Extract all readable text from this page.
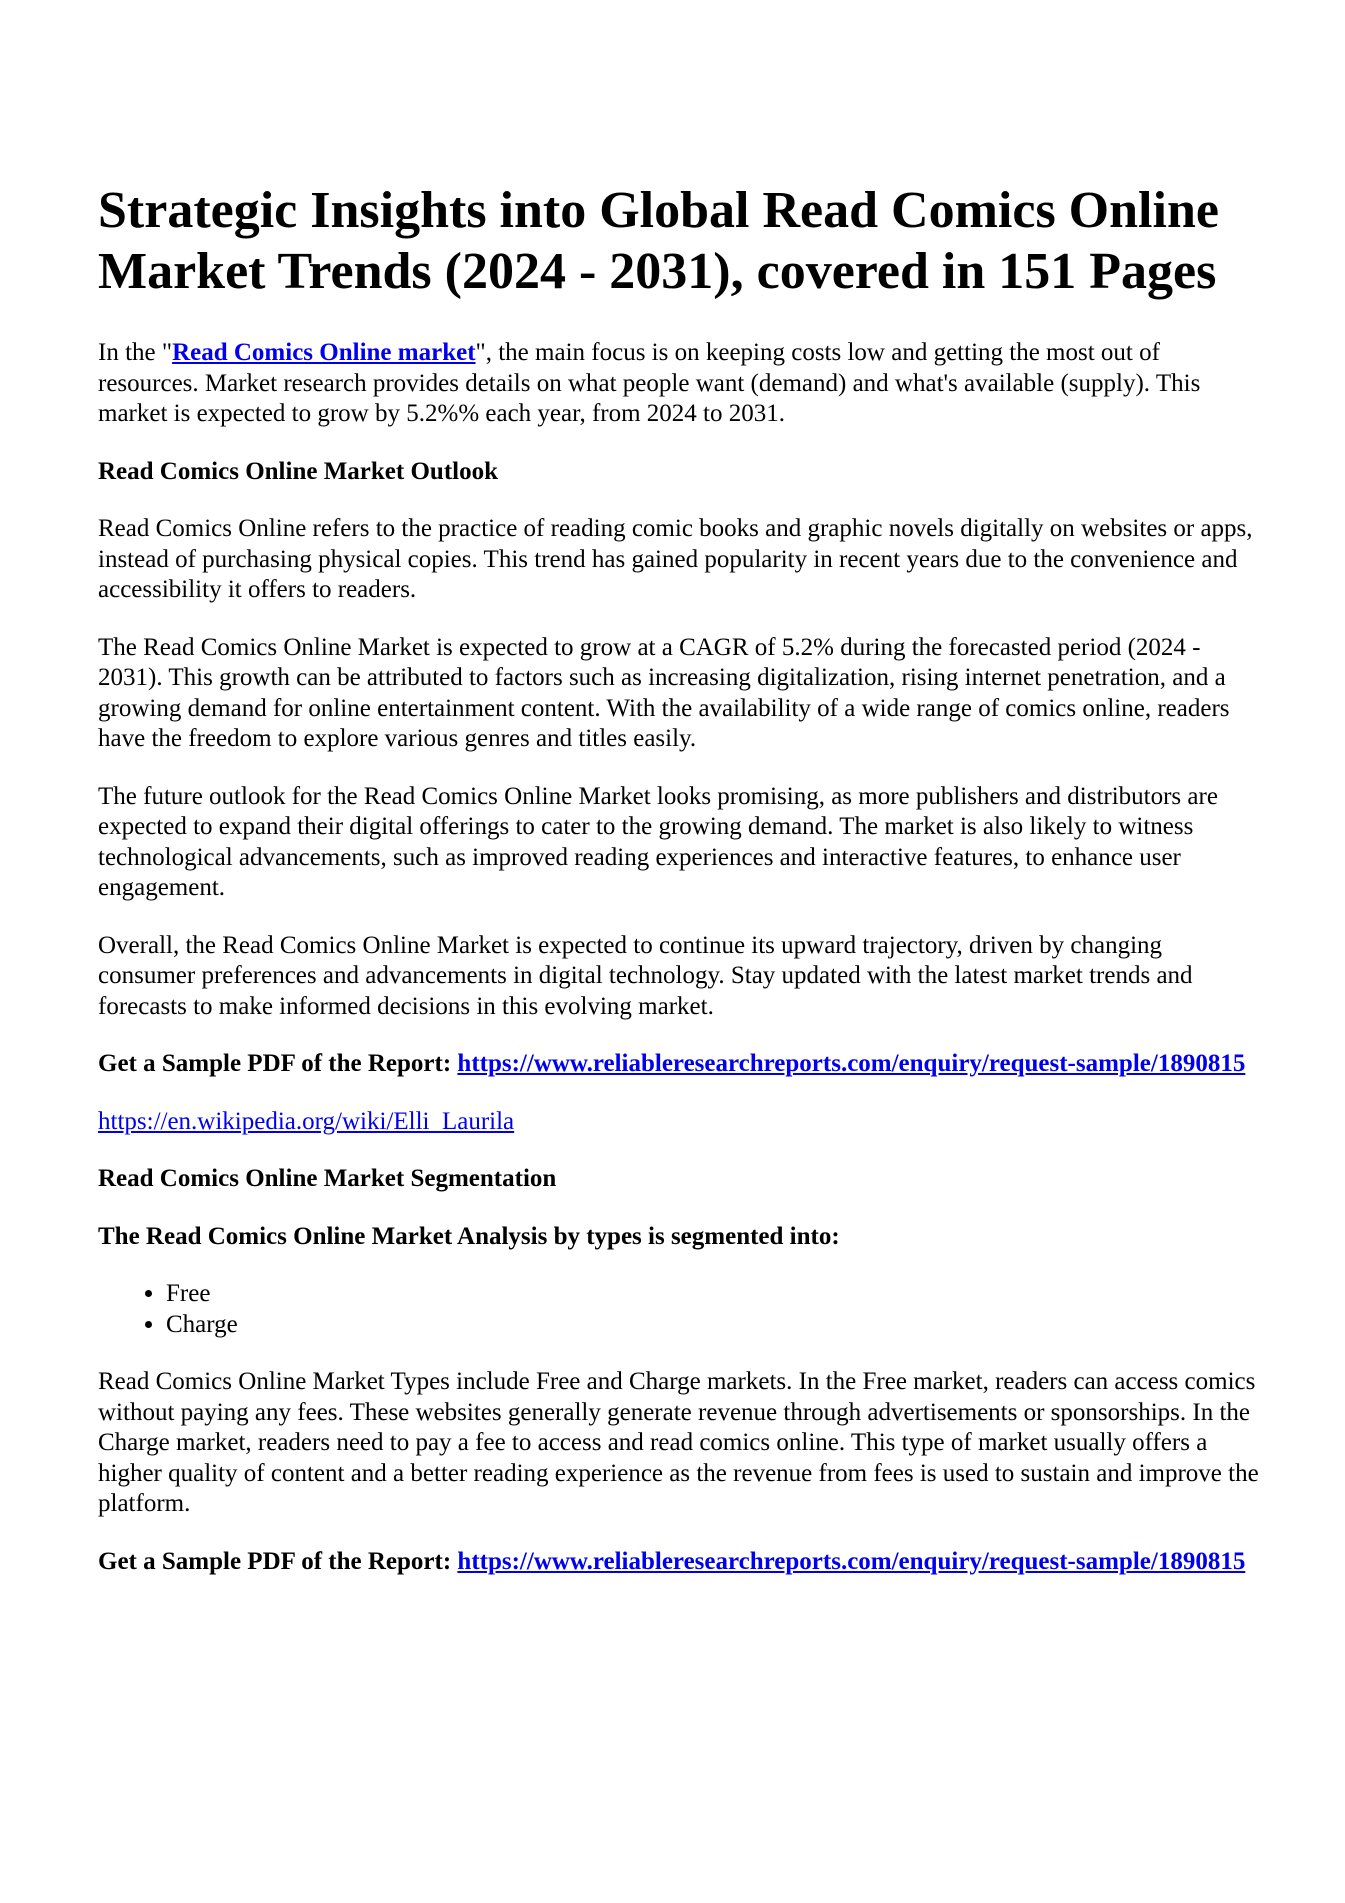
Strategic Insights into Global Read Comics Online Market Trends (2024 - 2031), covered in 151 Pages

In the "Read Comics Online market", the main focus is on keeping costs low and getting the most out of resources. Market research provides details on what people want (demand) and what's available (supply). This market is expected to grow by 5.2%% each year, from 2024 to 2031.

Read Comics Online Market Outlook

Read Comics Online refers to the practice of reading comic books and graphic novels digitally on websites or apps, instead of purchasing physical copies. This trend has gained popularity in recent years due to the convenience and accessibility it offers to readers.

The Read Comics Online Market is expected to grow at a CAGR of 5.2% during the forecasted period (2024 - 2031). This growth can be attributed to factors such as increasing digitalization, rising internet penetration, and a growing demand for online entertainment content. With the availability of a wide range of comics online, readers have the freedom to explore various genres and titles easily.

The future outlook for the Read Comics Online Market looks promising, as more publishers and distributors are expected to expand their digital offerings to cater to the growing demand. The market is also likely to witness technological advancements, such as improved reading experiences and interactive features, to enhance user engagement.

Overall, the Read Comics Online Market is expected to continue its upward trajectory, driven by changing consumer preferences and advancements in digital technology. Stay updated with the latest market trends and forecasts to make informed decisions in this evolving market.

Get a Sample PDF of the Report: https://www.reliableresearchreports.com/enquiry/request-sample/1890815

https://en.wikipedia.org/wiki/Elli_Laurila

Read Comics Online Market Segmentation

The Read Comics Online Market Analysis by types is segmented into:

• Free
• Charge

Read Comics Online Market Types include Free and Charge markets. In the Free market, readers can access comics without paying any fees. These websites generally generate revenue through advertisements or sponsorships. In the Charge market, readers need to pay a fee to access and read comics online. This type of market usually offers a higher quality of content and a better reading experience as the revenue from fees is used to sustain and improve the platform.

Get a Sample PDF of the Report: https://www.reliableresearchreports.com/enquiry/request-sample/1890815
